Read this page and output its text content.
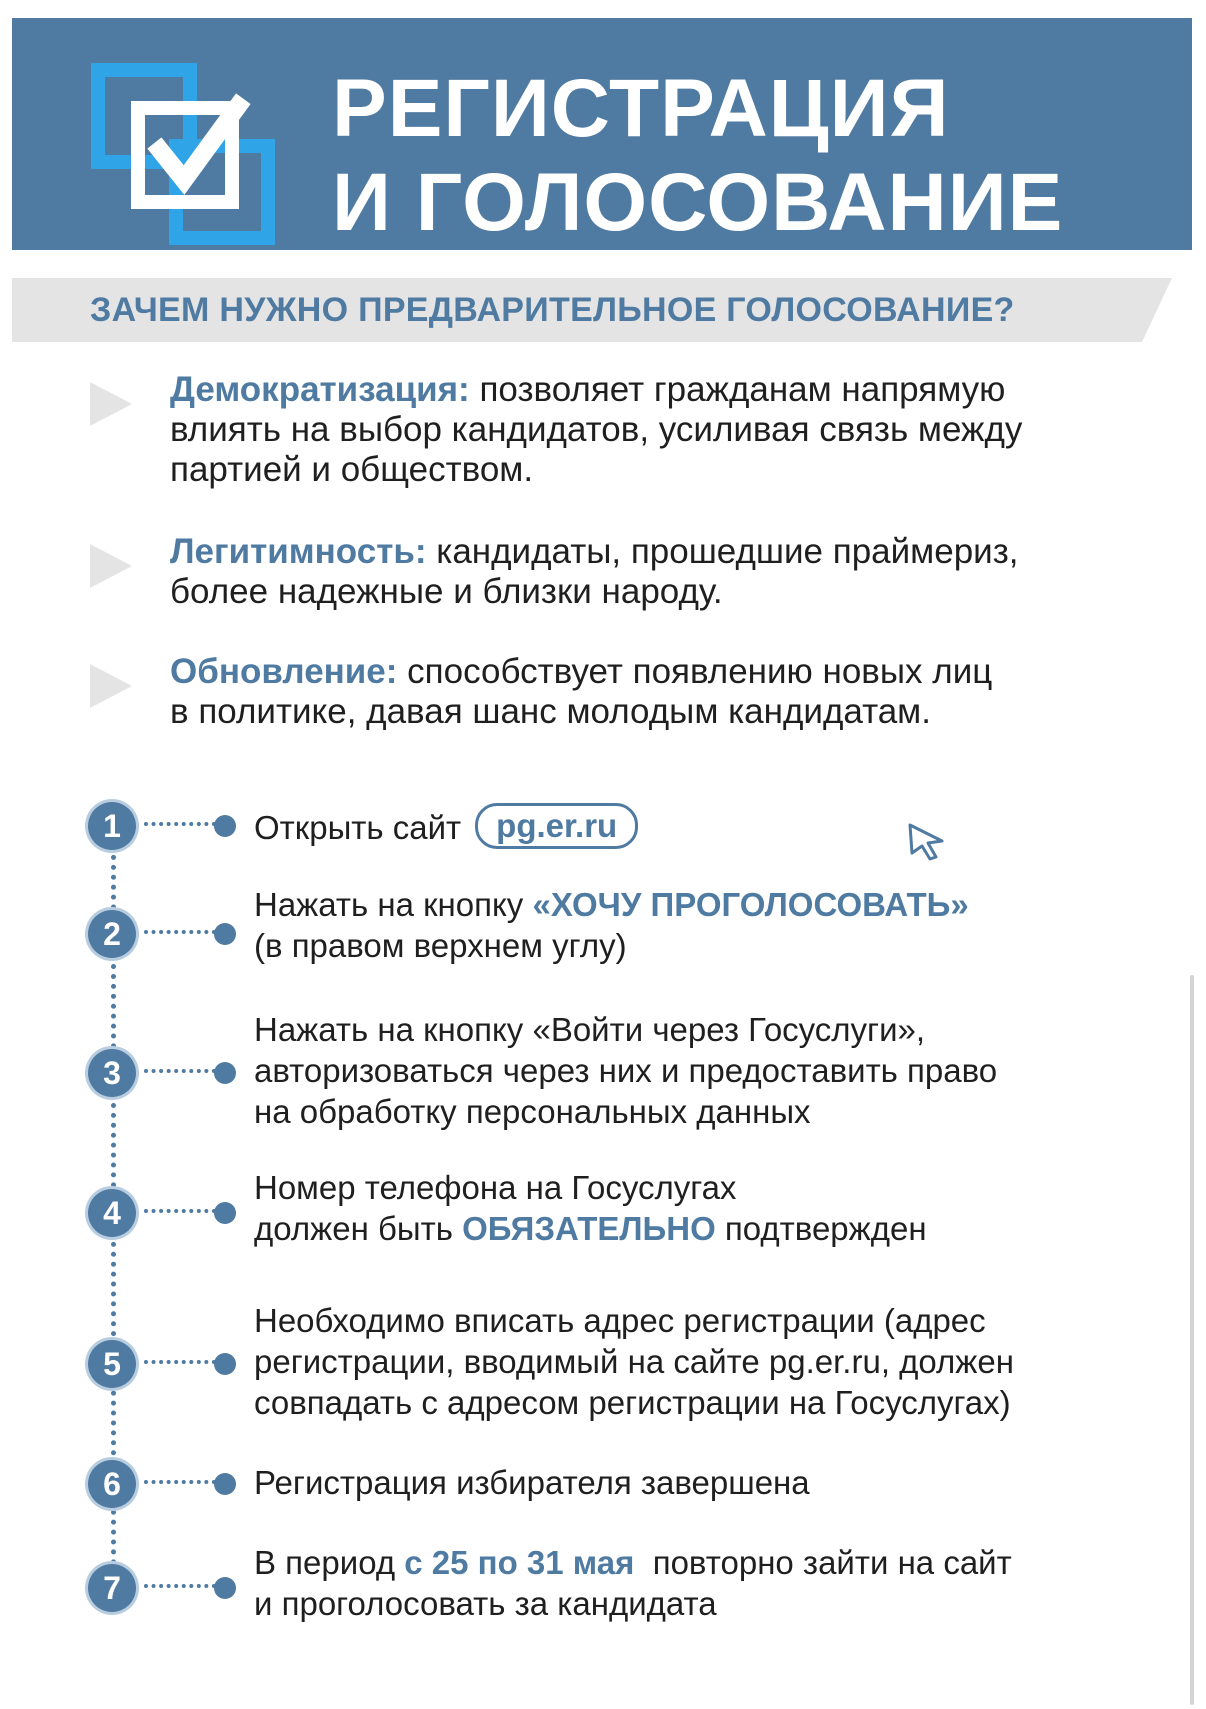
РЕГИСТРАЦИЯ
И ГОЛОСОВАНИЕ
ЗАЧЕМ НУЖНО ПРЕДВАРИТЕЛЬНОЕ ГОЛОСОВАНИЕ?
Демократизация: позволяет гражданам напрямую
влиять на выбор кандидатов, усиливая связь между
партией и обществом.
Легитимность: кандидаты, прошедшие праймериз,
более надежные и близки народу.
Обновление: способствует появлению новых лиц
в политике, давая шанс молодым кандидатам.
1	Открыть сайт pg.er.ru
2
Нажать на кнопку «ХОЧУ ПРОГОЛОСОВАТЬ»
(в правом верхнем углу)
3
Нажать на кнопку «Войти через Госуслуги»,
авторизоваться через них и предоставить право
на обработку персональных данных
4
Номер телефона на Госуслугах
должен быть ОБЯЗАТЕЛЬНО подтвержден
5
Необходимо вписать адрес регистрации (адрес
регистрации, вводимый на сайте pg.er.ru, должен
совпадать с адресом регистрации на Госуслугах)
6	Регистрация избирателя завершена
7
В период с 25 по 31 мая  повторно зайти на сайт
и проголосовать за кандидата
